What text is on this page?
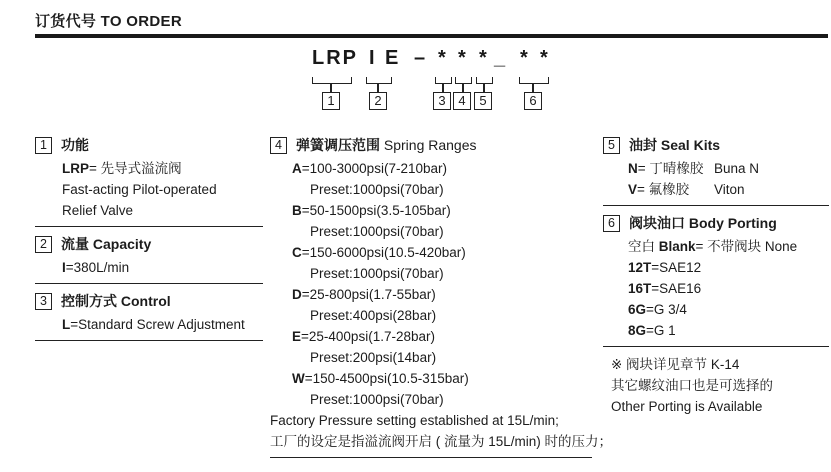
订货代号 TO ORDER
LRP I E – * * * _ * *
1	2	3 4	5	6
1	功能
LRP= 先导式溢流阀
Fast-acting Pilot-operated
Relief Valve
2	流量 Capacity
I=380L/min
3	控制方式 Control
L=Standard Screw Adjustment
4	弹簧调压范围 Spring Ranges
A=100-3000psi(7-210bar)
Preset:1000psi(70bar)
B=50-1500psi(3.5-105bar)
Preset:1000psi(70bar)
C=150-6000psi(10.5-420bar)
Preset:1000psi(70bar)
D=25-800psi(1.7-55bar)
Preset:400psi(28bar)
E=25-400psi(1.7-28bar)
Preset:200psi(14bar)
W=150-4500psi(10.5-315bar)
Preset:1000psi(70bar)
Factory Pressure setting established at 15L/min;
工厂的设定是指溢流阀开启 ( 流量为 15L/min) 时的压力；
5	油封 Seal Kits
N= 丁晴橡胶 Buna N
V= 氟橡胶	Viton
6	阀块油口 Body Porting
空白 Blank= 不带阀块 None
12T=SAE12
16T=SAE16
6G=G 3/4
8G=G 1
※ 阀块详见章节 K-14
其它螺纹油口也是可选择的
Other Porting is Available
